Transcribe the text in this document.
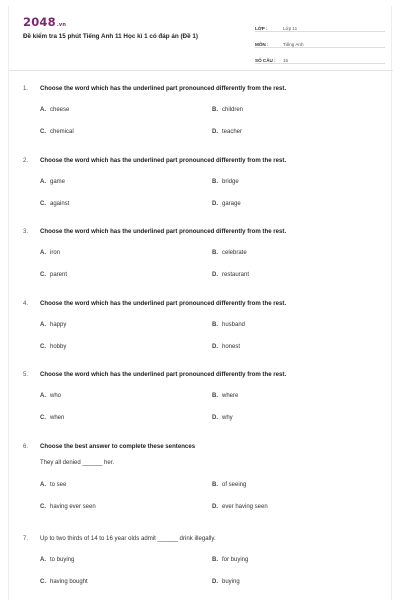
2048.vn
Đề kiểm tra 15 phút Tiếng Anh 11 Học kì 1 có đáp án (Đề 1)
LỚP :	Lớp 11
MÔN :	Tiếng Anh
SỐ CÂU :	15
1.	Choose the word which has the underlined part pronounced differently from the rest.
A. cheese	B. children
C. chemical	D. teacher
2.	Choose the word which has the underlined part pronounced differently from the rest.
A. game	B. bridge
C. against	D. garage
3.	Choose the word which has the underlined part pronounced differently from the rest.
A. iron	B. celebrate
C. parent	D. restaurant
4.	Choose the word which has the underlined part pronounced differently from the rest.
A. happy	B. husband
C. hobby	D. honest
5.	Choose the word which has the underlined part pronounced differently from the rest.
A. who	B. where
C. when	D. why
6.	Choose the best answer to complete these sentences
They all denied ______ her.
A. to see	B. of seeing
C. having ever seen	D. ever having seen
7.	Up to two thirds of 14 to 16 year olds admit ______ drink illegally.
A. to buying	B. for buying
C. having bought	D. buying
